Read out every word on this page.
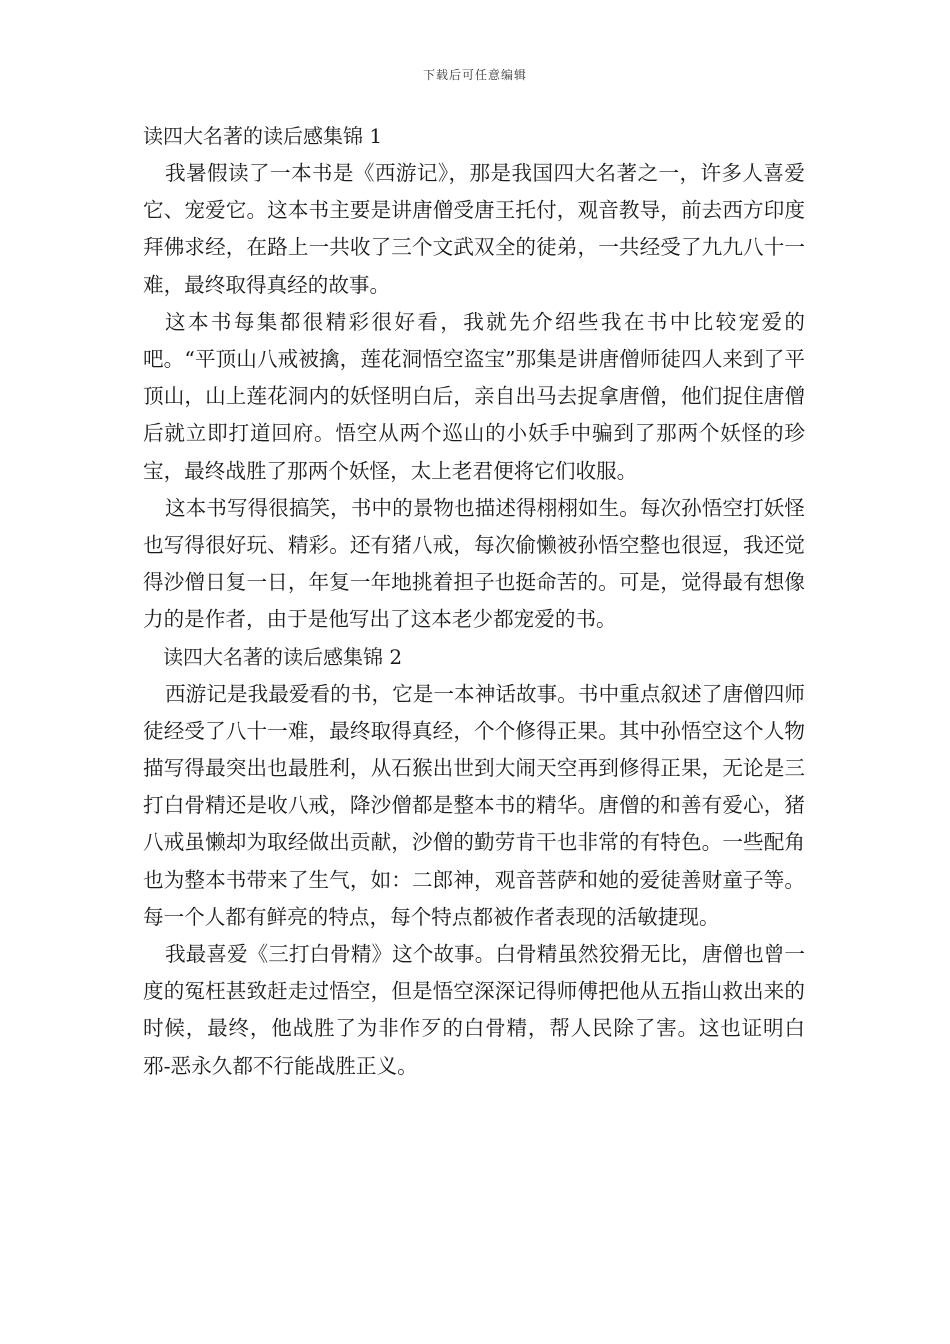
下载后可任意编辑
读四大名著的读后感集锦 1

我暑假读了一本书是《西游记》，那是我国四大名著之一，许多人喜爱它、宠爱它。这本书主要是讲唐僧受唐王托付，观音教导，前去西方印度拜佛求经，在路上一共收了三个文武双全的徒弟，一共经受了九九八十一难，最终取得真经的故事。

这本书每集都很精彩很好看，我就先介绍些我在书中比较宠爱的吧。“平顶山八戒被擒，莲花洞悟空盗宝”那集是讲唐僧师徒四人来到了平顶山，山上莲花洞内的妖怪明白后，亲自出马去捉拿唐僧，他们捉住唐僧后就立即打道回府。悟空从两个巡山的小妖手中骗到了那两个妖怪的珍宝，最终战胜了那两个妖怪，太上老君便将它们收服。

这本书写得很搞笑，书中的景物也描述得栩栩如生。每次孙悟空打妖怪也写得很好玩、精彩。还有猪八戒，每次偷懒被孙悟空整也很逗，我还觉得沙僧日复一日，年复一年地挑着担子也挺命苦的。可是，觉得最有想像力的是作者，由于是他写出了这本老少都宠爱的书。

读四大名著的读后感集锦 2

西游记是我最爱看的书，它是一本神话故事。书中重点叙述了唐僧四师徒经受了八十一难，最终取得真经，个个修得正果。其中孙悟空这个人物描写得最突出也最胜利，从石猴出世到大闹天空再到修得正果，无论是三打白骨精还是收八戒，降沙僧都是整本书的精华。唐僧的和善有爱心，猪八戒虽懒却为取经做出贡献，沙僧的勤劳肯干也非常的有特色。一些配角也为整本书带来了生气，如：二郎神，观音菩萨和她的爱徒善财童子等。每一个人都有鲜亮的特点，每个特点都被作者表现的活敏捷现。

我最喜爱《三打白骨精》这个故事。白骨精虽然狡猾无比，唐僧也曾一度的冤枉甚致赶走过悟空，但是悟空深深记得师傅把他从五指山救出来的时候，最终，他战胜了为非作歹的白骨精，帮人民除了害。这也证明白邪-恶永久都不行能战胜正义。
